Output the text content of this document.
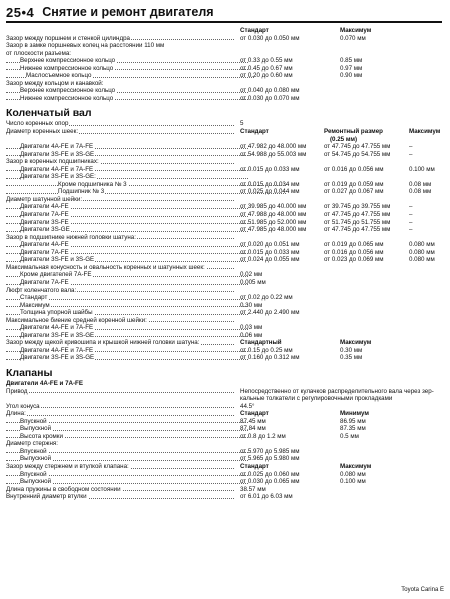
25•4 Снятие и ремонт двигателя
Стандарт	Максимум
Зазор между поршнем и стенкой цилиндра	от 0.030 до 0.050 мм	0.070 мм
Зазор в замке поршневых колец на расстоянии 110 мм
от плоскости разъема:
Верхнее компрессионное кольцо	от 0.33 до 0.55 мм	0.85 мм
Нижнее компрессионное кольцо	от 0.45 до 0.67 мм	0.97 мм
Маслосъемное кольцо	от 0.20 до 0.60 мм	0.90 мм
Зазор между кольцом и канавкой:
Верхнее компрессионное кольцо	от 0.040 до 0.080 мм
Нижнее компрессионное кольцо	от 0.030 до 0.070 мм
Коленчатый вал
Число коренных опор	5
Диаметр коренных шеек:	Стандарт	Ремонтный размер	Максимум
(0.25 мм)
Двигатели 4A-FE и 7A-FE	от 47.982 до 48.000 мм	от 47.745 до 47.755 мм	–
Двигатели 3S-FE и 3S-GE	от 54.988 до 55.003 мм	от 54.745 до 54.755 мм	–
Зазор в коренных подшипниках:
Двигатели 4A-FE и 7A-FE	от 0.015 до 0.033 мм	от 0.016 до 0.056 мм	0.100 мм
Двигатели 3S-FE и 3S-GE:
Кроме подшипника № 3	от 0.015 до 0.034 мм	от 0.019 до 0.059 мм	0.08 мм
Подшипник № 3	от 0.025 до 0.044 мм	от 0.027 до 0.067 мм	0.08 мм
Диаметр шатунной шейки:
Двигатели 4A-FE	от 39.985 до 40.000 мм	от 39.745 до 39.755 мм	–
Двигатели 7A-FE	от 47.988 до 48.000 мм	от 47.745 до 47.755 мм	–
Двигатели 3S-FE	от 51.985 до 52.000 мм	от 51.745 до 51.755 мм	–
Двигатели 3S-GE	от 47.985 до 48.000 мм	от 47.745 до 47.755 мм	–
Зазор в подшипнике нижней головки шатуна:
Двигатели 4A-FE	от 0.020 до 0.051 мм	от 0.019 до 0.065 мм	0.080 мм
Двигатели 7A-FE	от 0.015 до 0.033 мм	от 0.016 до 0.056 мм	0.080 мм
Двигатели 3S-FE и 3S-GE	от 0.024 до 0.055 мм	от 0.023 до 0.069 мм	0.080 мм
Максимальная конусность и овальность коренных и шатунных шеек:
Кроме двигателей 7A-FE	0.02 мм
Двигатели 7A-FE	0.005 мм
Люфт коленчатого вала:
Стандарт	от 0.02 до 0.22 мм
Максимум	0.30 мм
Толщина упорной шайбы	от 2.440 до 2.490 мм
Максимальное биение средней коренной шейки:
Двигатели 4A-FE и 7A-FE	0.03 мм
Двигатели 3S-FE и 3S-GE	0.06 мм
Зазор между щекой кривошипа и крышкой нижней головки шатуна:	Стандартный	Максимум
Двигатели 4A-FE и 7A-FE	от 0.15 до 0.25 мм	0.30 мм
Двигатели 3S-FE и 3S-GE	от 0.160 до 0.312 мм	0.35 мм
Клапаны
Двигатели 4A-FE и 7A-FE
Привод	Непосредственно от кулачков распределительного вала через зер-
кальные толкатели с регулировочными прокладками
Угол конуса	44.5°
Длина:	Стандарт	Минимум
Впускной	87.45 мм	86.95 мм
Выпускной	87.84 мм	87.35 мм
Высота кромки	от 0.8 до 1.2 мм	0.5 мм
Диаметр стержня:
Впускной	от 5.970 до 5.985 мм
Выпускной	от 5.965 до 5.980 мм
Зазор между стержнем и втулкой клапана:	Стандарт	Максимум
Впускной	от 0.025 до 0.060 мм	0.080 мм
Выпускной	от 0.030 до 0.065 мм	0.100 мм
Длина пружины в свободном состоянии	38.57 мм
Внутренний диаметр втулки	от 6.01 до 6.03 мм
Toyota Carina E
